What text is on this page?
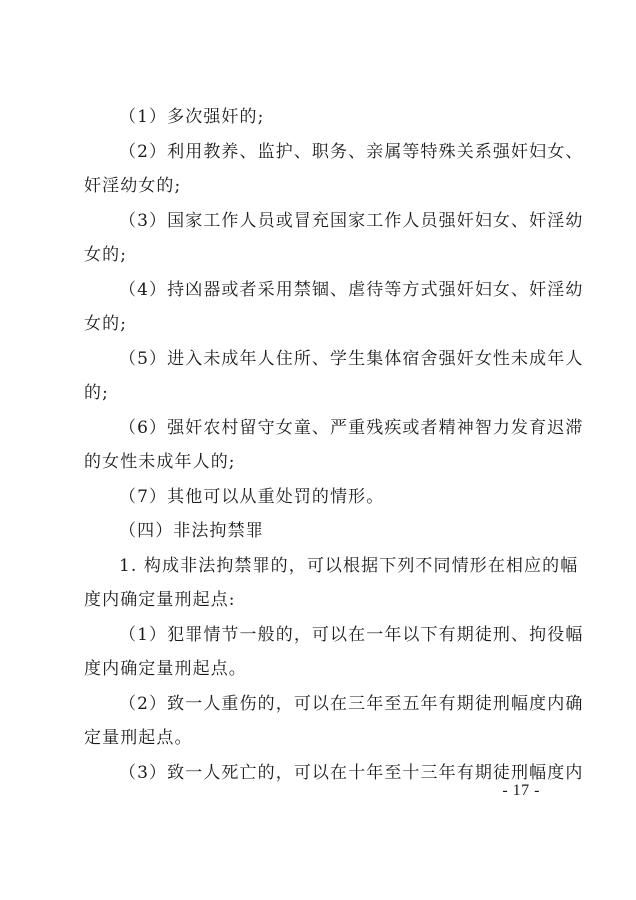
（1）多次强奸的;
（2）利用教养、监护、职务、亲属等特殊关系强奸妇女、
奸淫幼女的;
（3）国家工作人员或冒充国家工作人员强奸妇女、奸淫幼
女的;
（4）持凶器或者采用禁锢、虐待等方式强奸妇女、奸淫幼
女的;
（5）进入未成年人住所、学生集体宿舍强奸女性未成年人
的;
（6）强奸农村留守女童、严重残疾或者精神智力发育迟滞
的女性未成年人的;
（7）其他可以从重处罚的情形。
（四）非法拘禁罪
1. 构成非法拘禁罪的，可以根据下列不同情形在相应的幅
度内确定量刑起点:
（1）犯罪情节一般的，可以在一年以下有期徒刑、拘役幅
度内确定量刑起点。
（2）致一人重伤的，可以在三年至五年有期徒刑幅度内确
定量刑起点。
（3）致一人死亡的，可以在十年至十三年有期徒刑幅度内
- 17 -
